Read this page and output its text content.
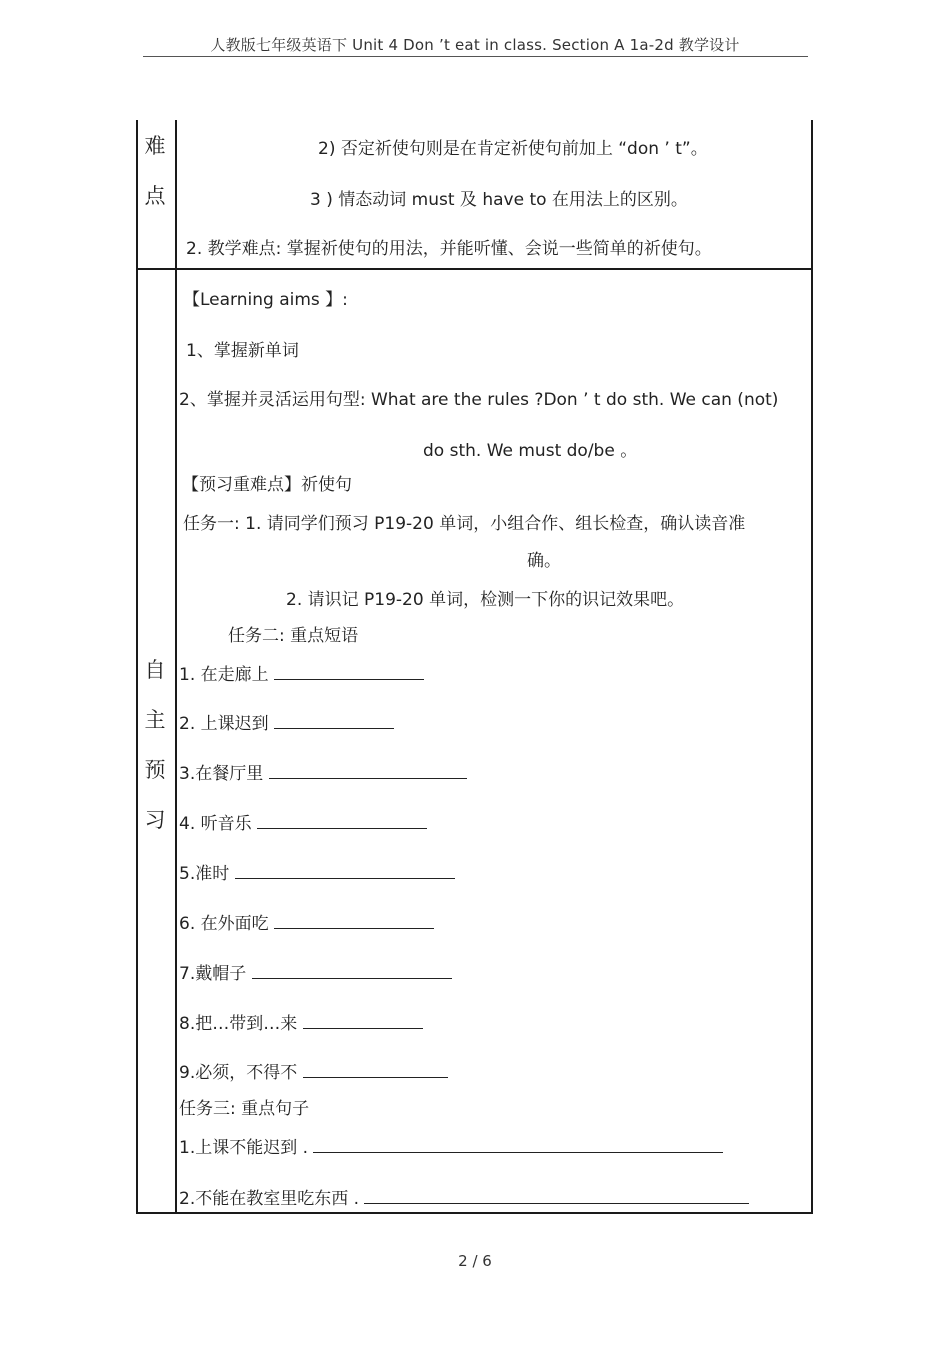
人教版七年级英语下 Unit 4 Don ’t eat in class. Section A 1a-2d 教学设计
难
点
2) 否定祈使句则是在肯定祈使句前加上 “don ’ t”。
3 ) 情态动词 must 及 have to 在用法上的区别。
2. 教学难点: 掌握祈使句的用法，并能听懂、会说一些简单的祈使句。
自
主
预
习
【Learning aims 】:
1、掌握新单词
2、掌握并灵活运用句型: What are the rules ?Don ’ t do sth. We can (not)
do sth. We must do/be 。
【预习重难点】祈使句
任务一: 1. 请同学们预习 P19-20 单词，小组合作、组长检查，确认读音准
确。
2. 请识记 P19-20 单词，检测一下你的识记效果吧。
任务二: 重点短语
1. 在走廊上
2. 上课迟到
3.在餐厅里
4. 听音乐
5.准时
6. 在外面吃
7.戴帽子
8.把…带到…来
9.必须，不得不
任务三: 重点句子
1.上课不能迟到 .
2.不能在教室里吃东西 .
2 / 6
